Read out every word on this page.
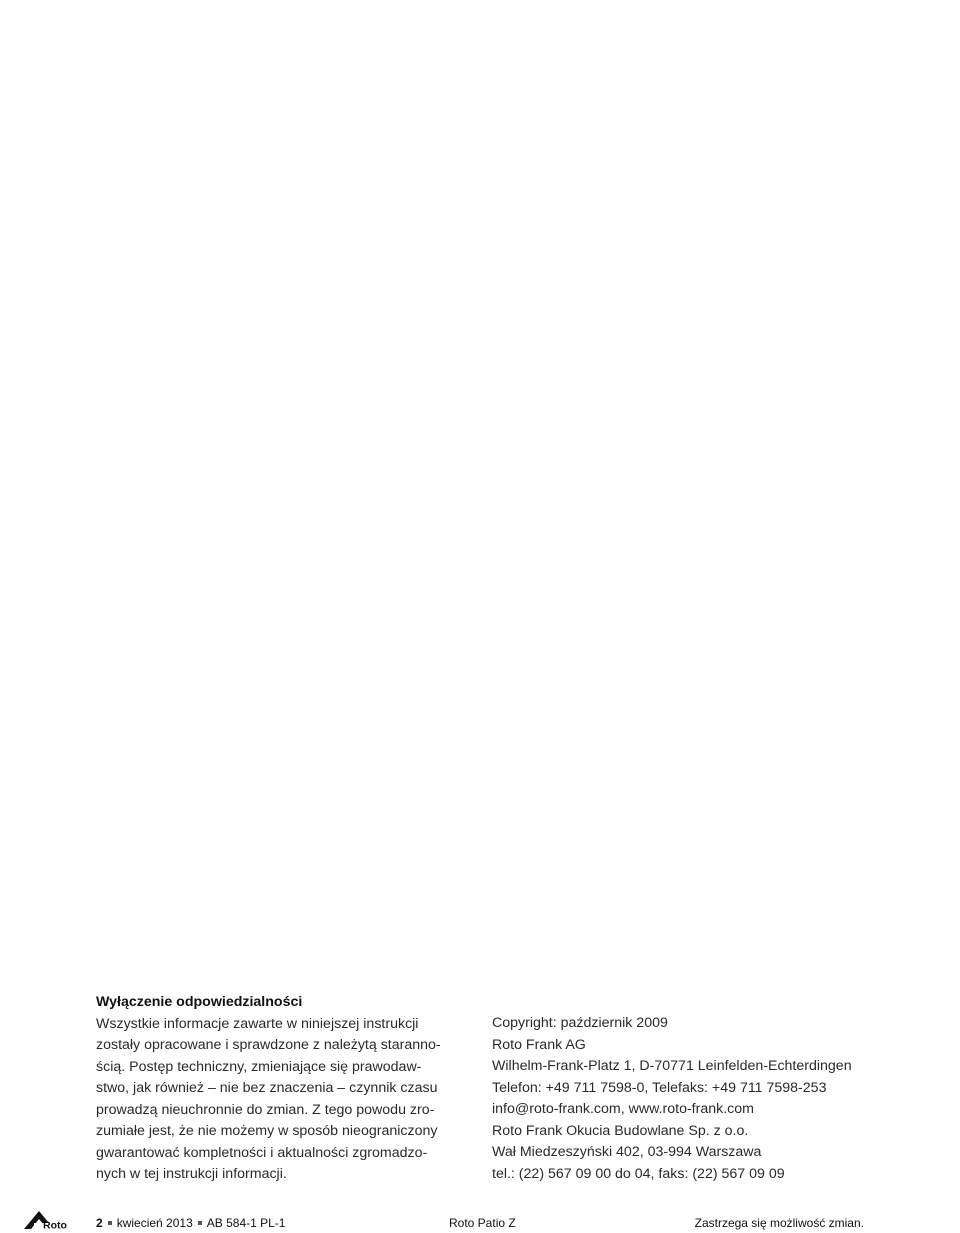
Wyłączenie odpowiedzialności
Wszystkie informacje zawarte w niniejszej instrukcji
zostały opracowane i sprawdzone z należytą staranno-
ścią. Postęp techniczny, zmieniające się prawodaw-
stwo, jak również – nie bez znaczenia – czynnik czasu
prowadzą nieuchronnie do zmian. Z tego powodu zro-
zumiałe jest, że nie możemy w sposób nieograniczony
gwarantować kompletności i aktualności zgromadzo-
nych w tej instrukcji informacji.
Copyright: październik 2009
Roto Frank AG
Wilhelm-Frank-Platz 1, D-70771 Leinfelden-Echterdingen
Telefon: +49 711 7598-0, Telefaks: +49 711 7598-253
info@roto-frank.com, www.roto-frank.com
Roto Frank Okucia Budowlane Sp. z o.o.
Wał Miedzeszyński 402, 03-994 Warszawa
tel.: (22) 567 09 00 do 04, faks: (22) 567 09 09
Roto 2 kwiecień 2013 AB 584-1 PL-1	Roto Patio Z	Zastrzega się możliwość zmian.
